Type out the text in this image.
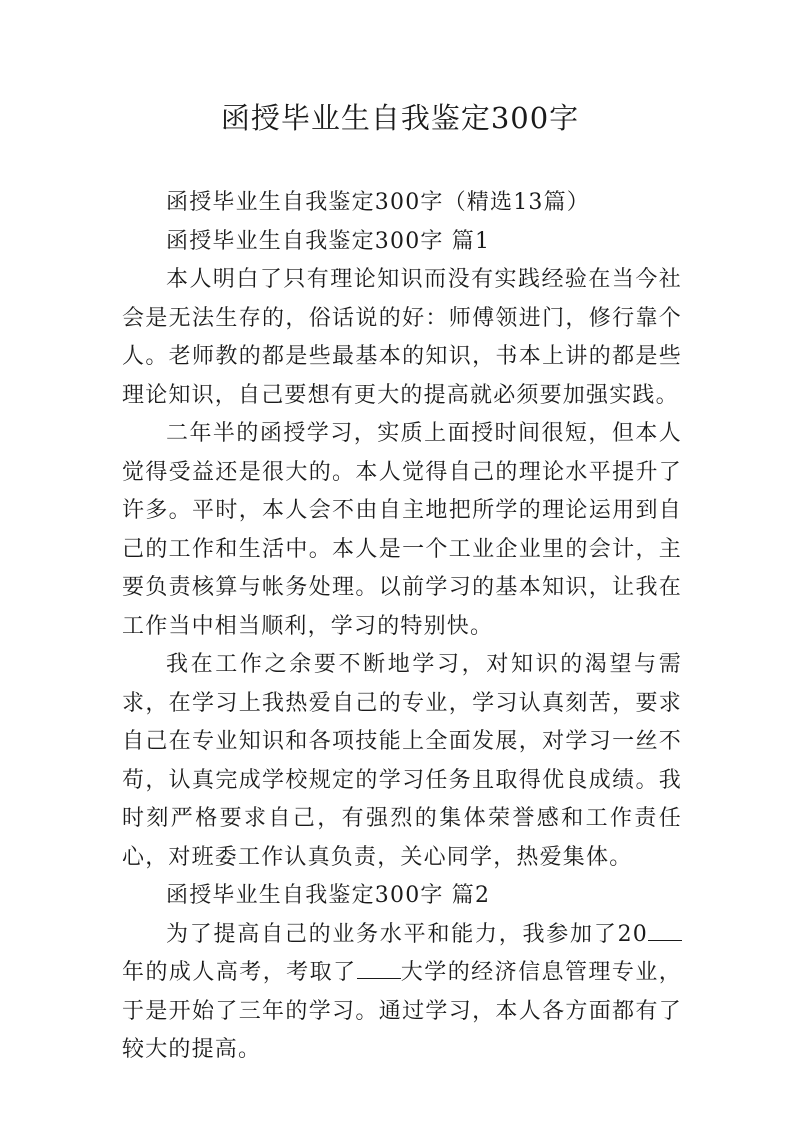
函授毕业生自我鉴定300字

函授毕业生自我鉴定300字（精选13篇）

函授毕业生自我鉴定300字 篇1

本人明白了只有理论知识而没有实践经验在当今社会是无法生存的，俗话说的好：师傅领进门，修行靠个人。老师教的都是些最基本的知识，书本上讲的都是些理论知识，自己要想有更大的提高就必须要加强实践。

二年半的函授学习，实质上面授时间很短，但本人觉得受益还是很大的。本人觉得自己的理论水平提升了许多。平时，本人会不由自主地把所学的理论运用到自己的工作和生活中。本人是一个工业企业里的会计，主要负责核算与帐务处理。以前学习的基本知识，让我在工作当中相当顺利，学习的特别快。

我在工作之余要不断地学习，对知识的渴望与需求，在学习上我热爱自己的专业，学习认真刻苦，要求自己在专业知识和各项技能上全面发展，对学习一丝不苟，认真完成学校规定的学习任务且取得优良成绩。我时刻严格要求自己，有强烈的集体荣誉感和工作责任心，对班委工作认真负责，关心同学，热爱集体。

函授毕业生自我鉴定300字 篇2

为了提高自己的业务水平和能力，我参加了20年的成人高考，考取了 大学的经济信息管理专业，于是开始了三年的学习。通过学习，本人各方面都有了较大的提高。
